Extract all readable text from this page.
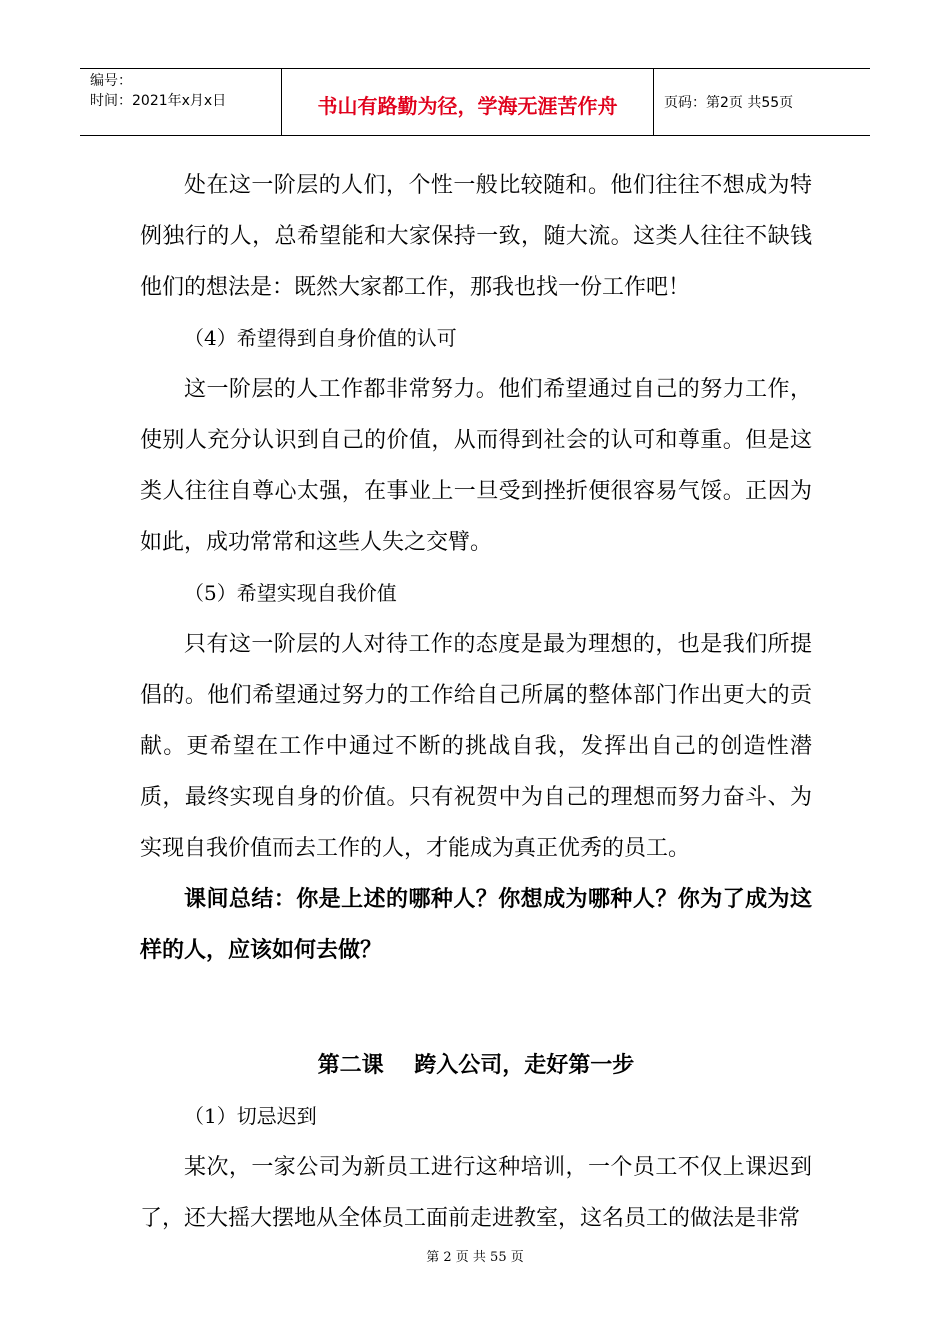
编号：
时间：2021年x月x日	书山有路勤为径，学海无涯苦作舟	页码：第2页 共55页

处在这一阶层的人们，个性一般比较随和。他们往往不想成为特例独行的人，总希望能和大家保持一致，随大流。这类人往往不缺钱他们的想法是：既然大家都工作，那我也找一份工作吧！

（4）希望得到自身价值的认可

这一阶层的人工作都非常努力。他们希望通过自己的努力工作，使别人充分认识到自己的价值，从而得到社会的认可和尊重。但是这类人往往自尊心太强，在事业上一旦受到挫折便很容易气馁。正因为如此，成功常常和这些人失之交臂。

（5）希望实现自我价值

只有这一阶层的人对待工作的态度是最为理想的，也是我们所提倡的。他们希望通过努力的工作给自己所属的整体部门作出更大的贡献。更希望在工作中通过不断的挑战自我，发挥出自己的创造性潜质，最终实现自身的价值。只有祝贺中为自己的理想而努力奋斗、为实现自我价值而去工作的人，才能成为真正优秀的员工。

课间总结：你是上述的哪种人？你想成为哪种人？你为了成为这样的人，应该如何去做？

第二课    跨入公司，走好第一步

（1）切忌迟到

某次，一家公司为新员工进行这种培训，一个员工不仅上课迟到了，还大摇大摆地从全体员工面前走进教室，这名员工的做法是非常

第 2 页 共 55 页
